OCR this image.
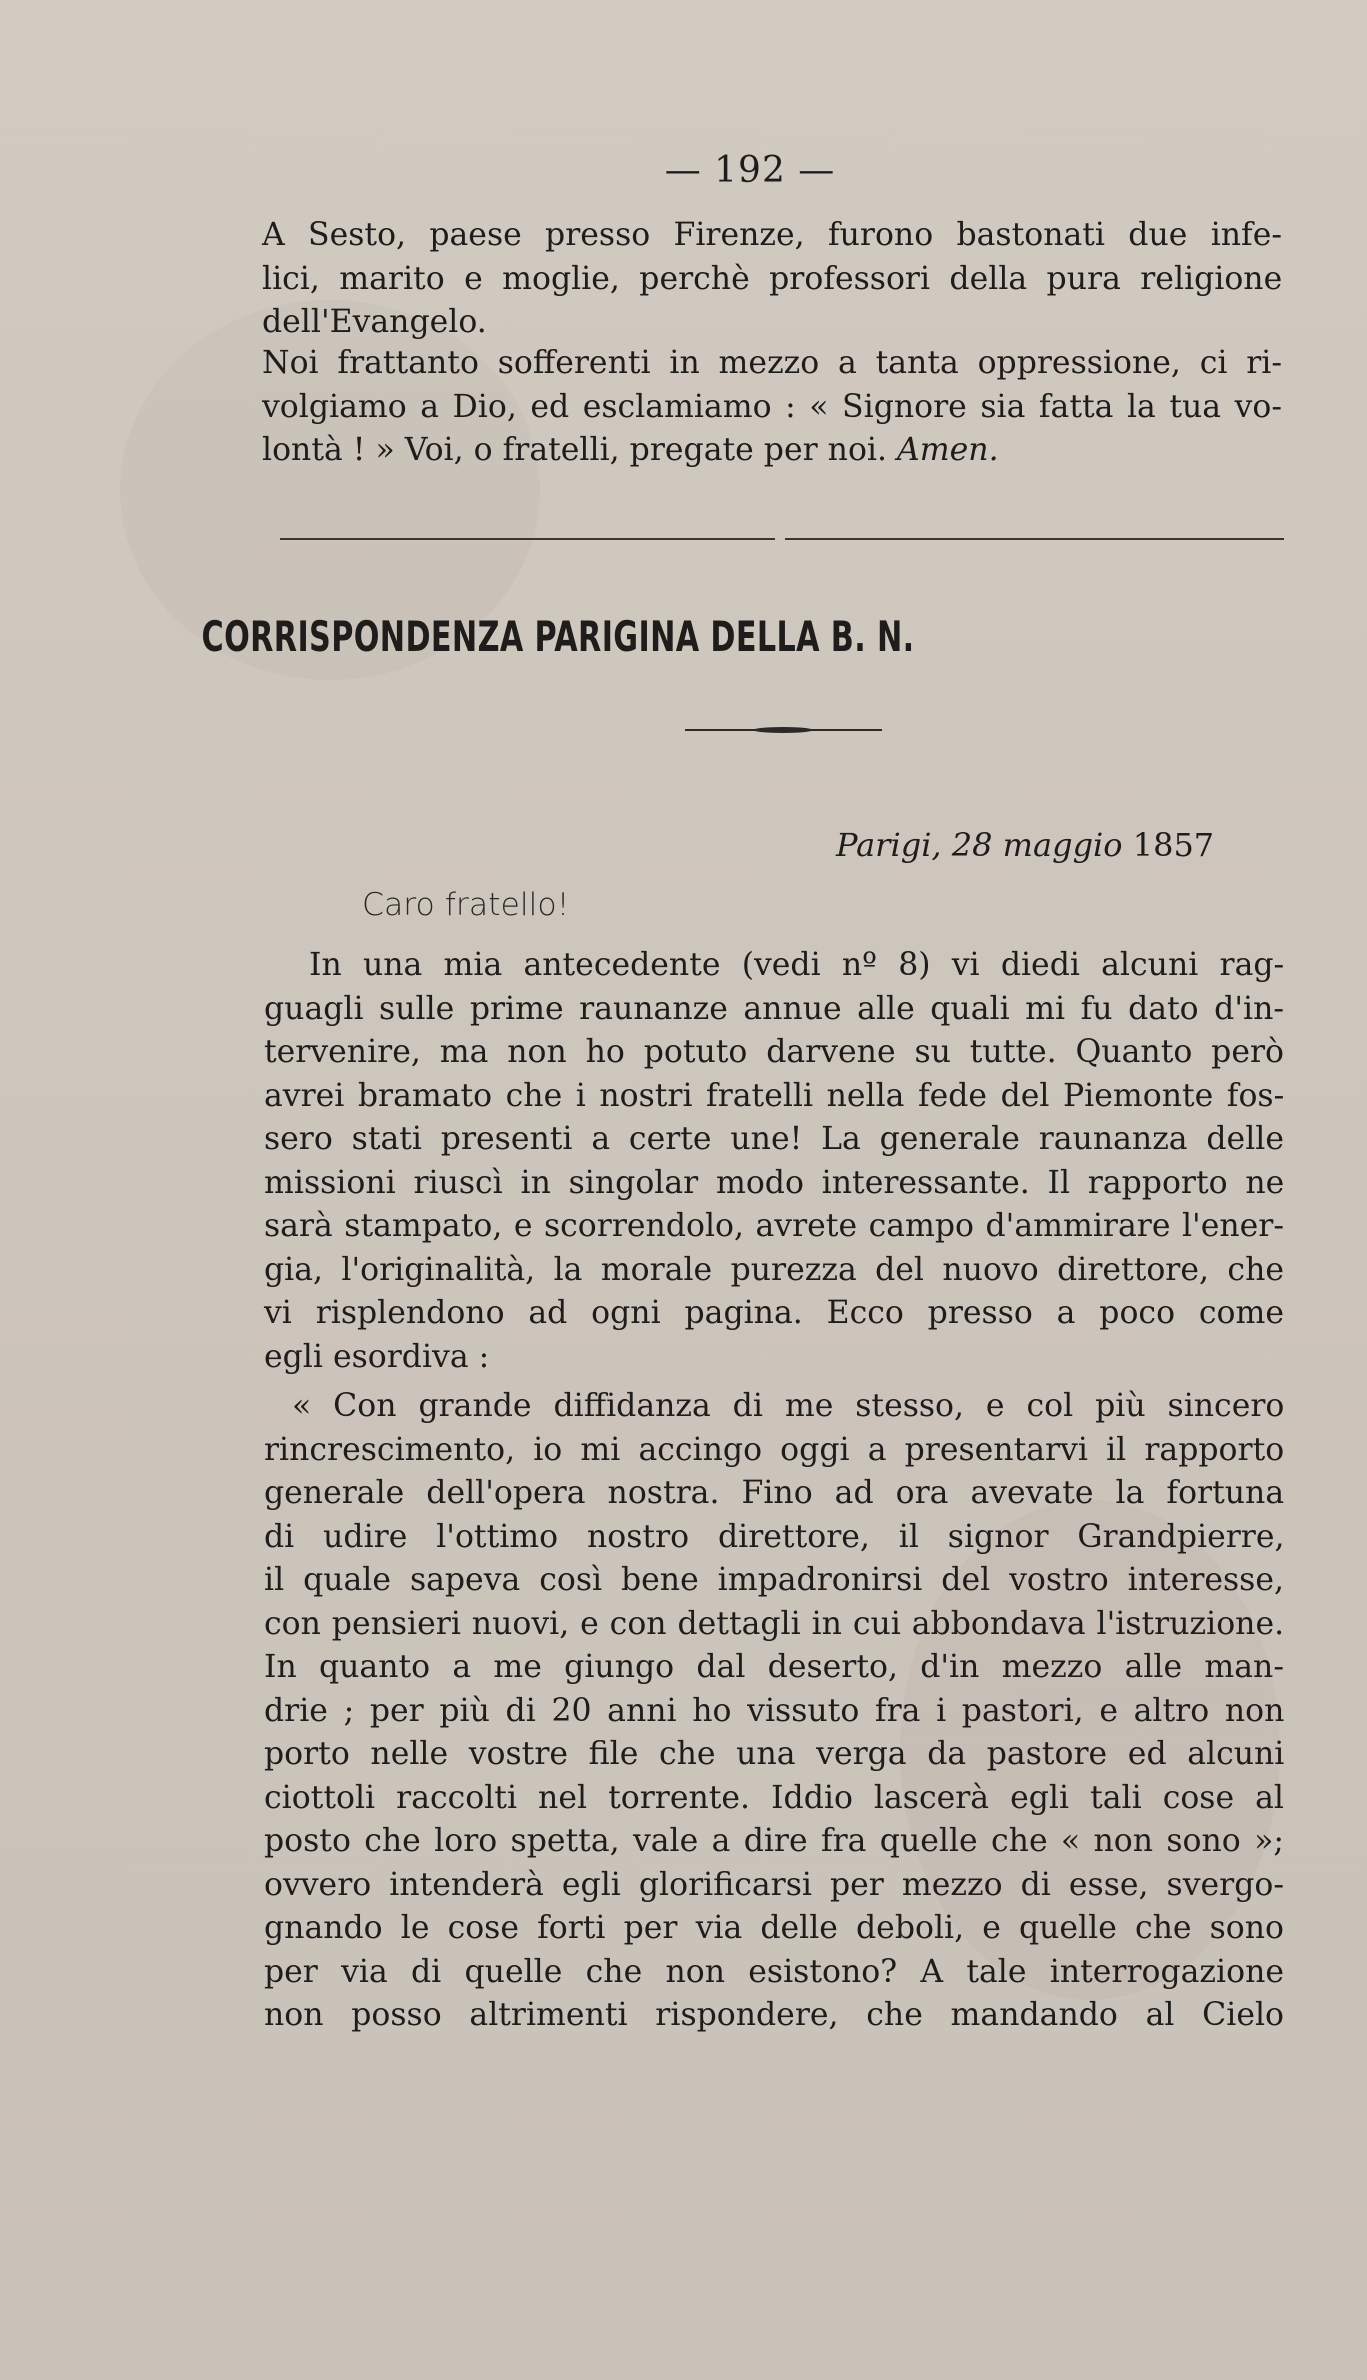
— 192 —
A Sesto, paese presso Firenze, furono bastonati due infe-
lici, marito e moglie, perchè professori della pura religione
dell'Evangelo.
Noi frattanto sofferenti in mezzo a tanta oppressione, ci ri-
volgiamo a Dio, ed esclamiamo : « Signore sia fatta la tua vo-
lontà ! » Voi, o fratelli, pregate per noi. Amen.
CORRISPONDENZA PARIGINA DELLA B. N.
Parigi, 28 maggio 1857
Caro fratello!
In una mia antecedente (vedi nº 8) vi diedi alcuni rag-
guagli sulle prime raunanze annue alle quali mi fu dato d'in-
tervenire, ma non ho potuto darvene su tutte. Quanto però
avrei bramato che i nostri fratelli nella fede del Piemonte fos-
sero stati presenti a certe une! La generale raunanza delle
missioni riuscì in singolar modo interessante. Il rapporto ne
sarà stampato, e scorrendolo, avrete campo d'ammirare l'ener-
gia, l'originalità, la morale purezza del nuovo direttore, che
vi risplendono ad ogni pagina. Ecco presso a poco come
egli esordiva :
« Con grande diffidanza di me stesso, e col più sincero
rincrescimento, io mi accingo oggi a presentarvi il rapporto
generale dell'opera nostra. Fino ad ora avevate la fortuna
di udire l'ottimo nostro direttore, il signor Grandpierre,
il quale sapeva così bene impadronirsi del vostro interesse,
con pensieri nuovi, e con dettagli in cui abbondava l'istruzione.
In quanto a me giungo dal deserto, d'in mezzo alle man-
drie ; per più di 20 anni ho vissuto fra i pastori, e altro non
porto nelle vostre file che una verga da pastore ed alcuni
ciottoli raccolti nel torrente. Iddio lascerà egli tali cose al
posto che loro spetta, vale a dire fra quelle che « non sono »;
ovvero intenderà egli glorificarsi per mezzo di esse, svergo-
gnando le cose forti per via delle deboli, e quelle che sono
per via di quelle che non esistono? A tale interrogazione
non posso altrimenti rispondere, che mandando al Cielo
